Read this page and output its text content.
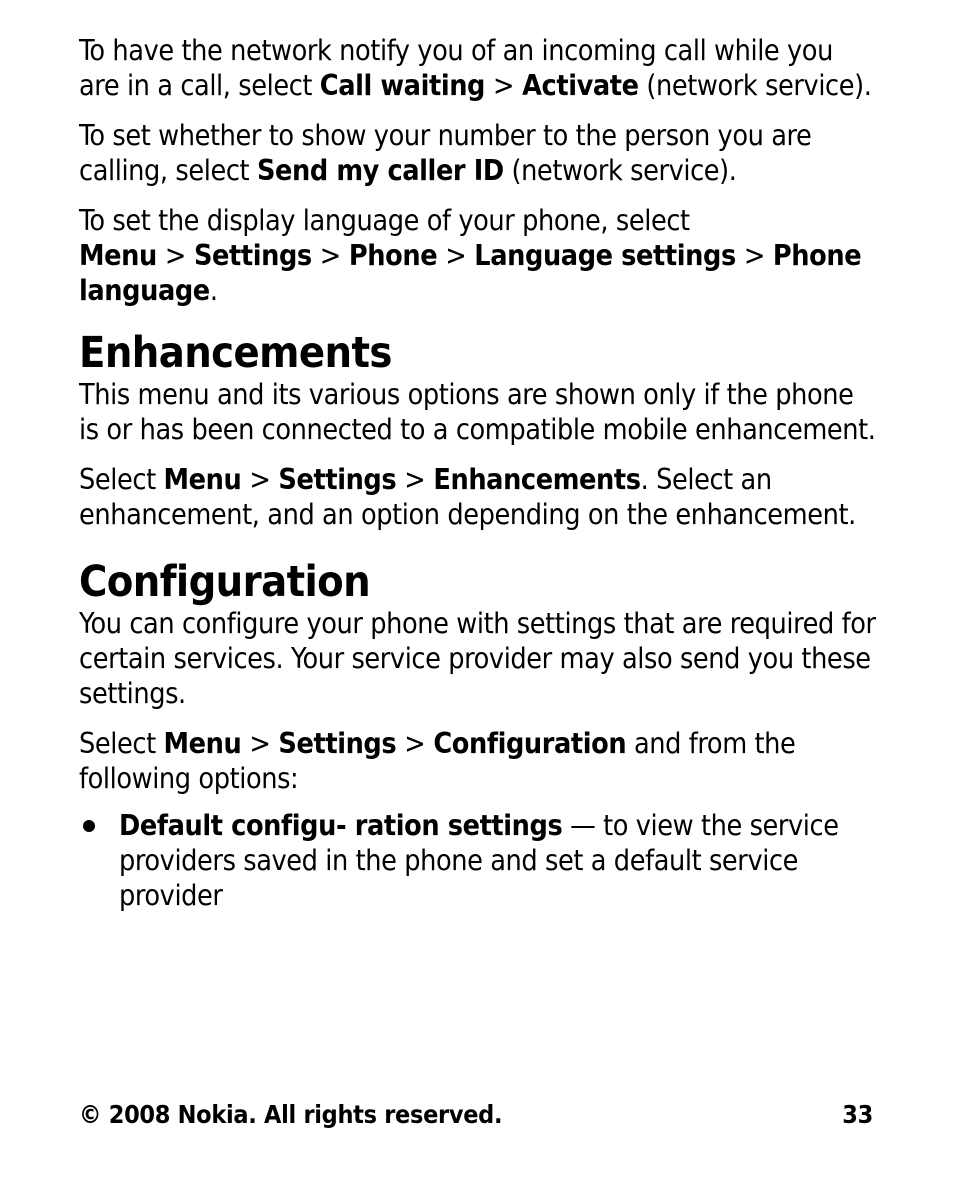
To have the network notify you of an incoming call while you are in a call, select Call waiting > Activate (network service).

To set whether to show your number to the person you are calling, select Send my caller ID (network service).

To set the display language of your phone, select Menu > Settings > Phone > Language settings > Phone language.

Enhancements

This menu and its various options are shown only if the phone is or has been connected to a compatible mobile enhancement.

Select Menu > Settings > Enhancements. Select an enhancement, and an option depending on the enhancement.

Configuration

You can configure your phone with settings that are required for certain services. Your service provider may also send you these settings.

Select Menu > Settings > Configuration and from the following options:

Default configu- ration settings — to view the service providers saved in the phone and set a default service provider
© 2008 Nokia. All rights reserved.	33
